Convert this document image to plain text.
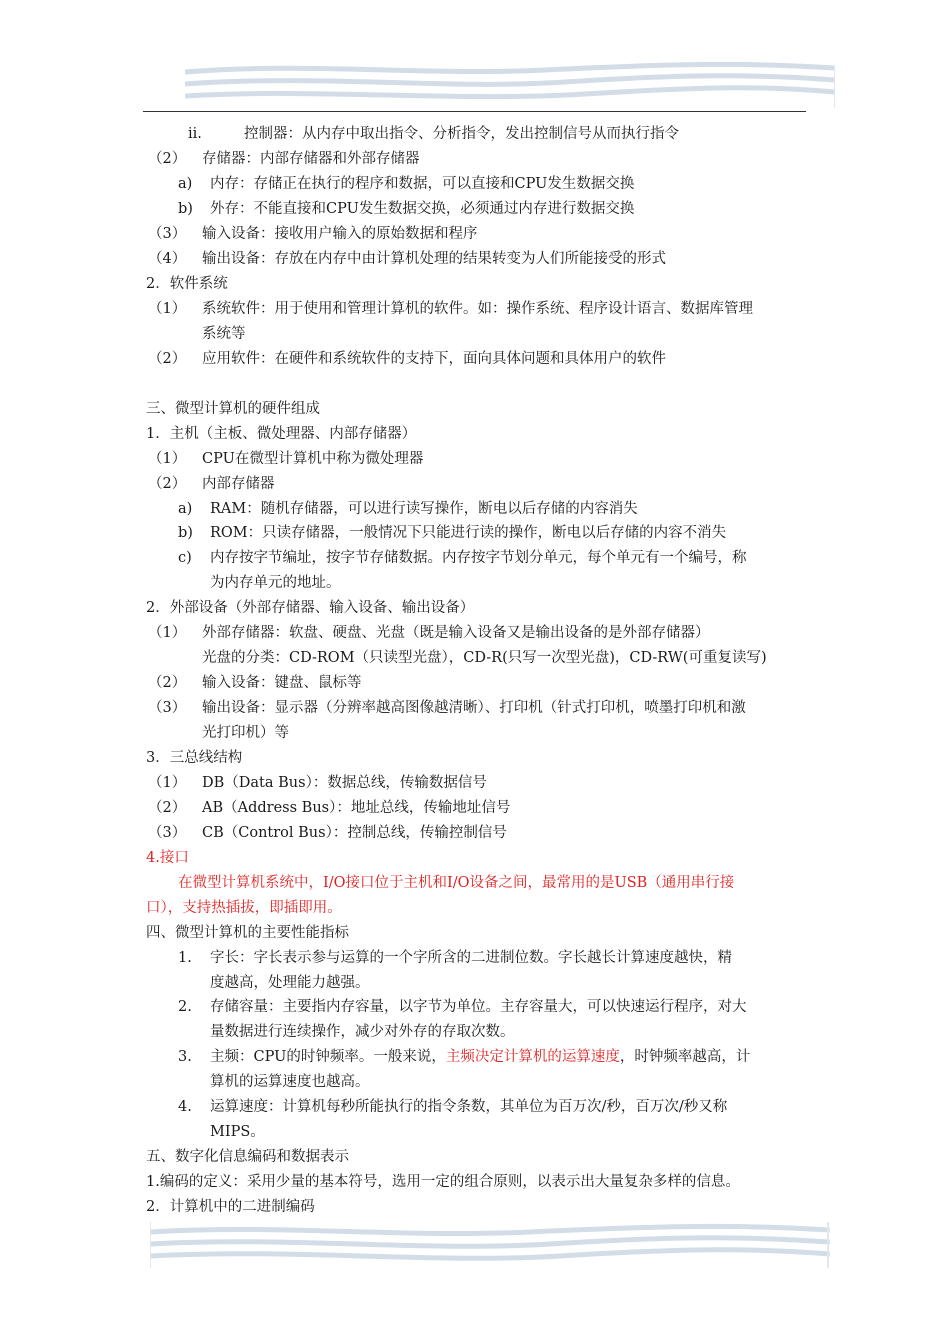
ii.	控制器：从内存中取出指令、分析指令，发出控制信号从而执行指令
（2） 存储器：内部存储器和外部存储器
a) 内存：存储正在执行的程序和数据，可以直接和CPU发生数据交换
b) 外存：不能直接和CPU发生数据交换，必须通过内存进行数据交换
（3） 输入设备：接收用户输入的原始数据和程序
（4） 输出设备：存放在内存中由计算机处理的结果转变为人们所能接受的形式
2．软件系统
（1） 系统软件：用于使用和管理计算机的软件。如：操作系统、程序设计语言、数据库管理
系统等
（2） 应用软件：在硬件和系统软件的支持下，面向具体问题和具体用户的软件
三、微型计算机的硬件组成
1．主机（主板、微处理器、内部存储器）
（1） CPU在微型计算机中称为微处理器
（2） 内部存储器
a) RAM：随机存储器，可以进行读写操作，断电以后存储的内容消失
b) ROM：只读存储器，一般情况下只能进行读的操作，断电以后存储的内容不消失
c) 内存按字节编址，按字节存储数据。内存按字节划分单元，每个单元有一个编号，称
为内存单元的地址。
2．外部设备（外部存储器、输入设备、输出设备）
（1） 外部存储器：软盘、硬盘、光盘（既是输入设备又是输出设备的是外部存储器）
光盘的分类：CD-ROM（只读型光盘），CD-R(只写一次型光盘)，CD-RW(可重复读写)
（2） 输入设备：键盘、鼠标等
（3） 输出设备：显示器（分辨率越高图像越清晰）、打印机（针式打印机，喷墨打印机和激
光打印机）等
3．三总线结构
（1） DB（Data Bus）：数据总线，传输数据信号
（2） AB（Address Bus）：地址总线，传输地址信号
（3） CB（Control Bus）：控制总线，传输控制信号
4.接口
在微型计算机系统中，I/O接口位于主机和I/O设备之间，最常用的是USB（通用串行接
口），支持热插拔，即插即用。
四、微型计算机的主要性能指标
1. 字长：字长表示参与运算的一个字所含的二进制位数。字长越长计算速度越快，精
度越高，处理能力越强。
2. 存储容量：主要指内存容量，以字节为单位。主存容量大，可以快速运行程序，对大
量数据进行连续操作，减少对外存的存取次数。
3. 主频：CPU的时钟频率。一般来说，主频决定计算机的运算速度，时钟频率越高，计
算机的运算速度也越高。
4. 运算速度：计算机每秒所能执行的指令条数，其单位为百万次/秒，百万次/秒又称
MIPS。
五、数字化信息编码和数据表示
1.编码的定义：采用少量的基本符号，选用一定的组合原则，以表示出大量复杂多样的信息。
2．计算机中的二进制编码
